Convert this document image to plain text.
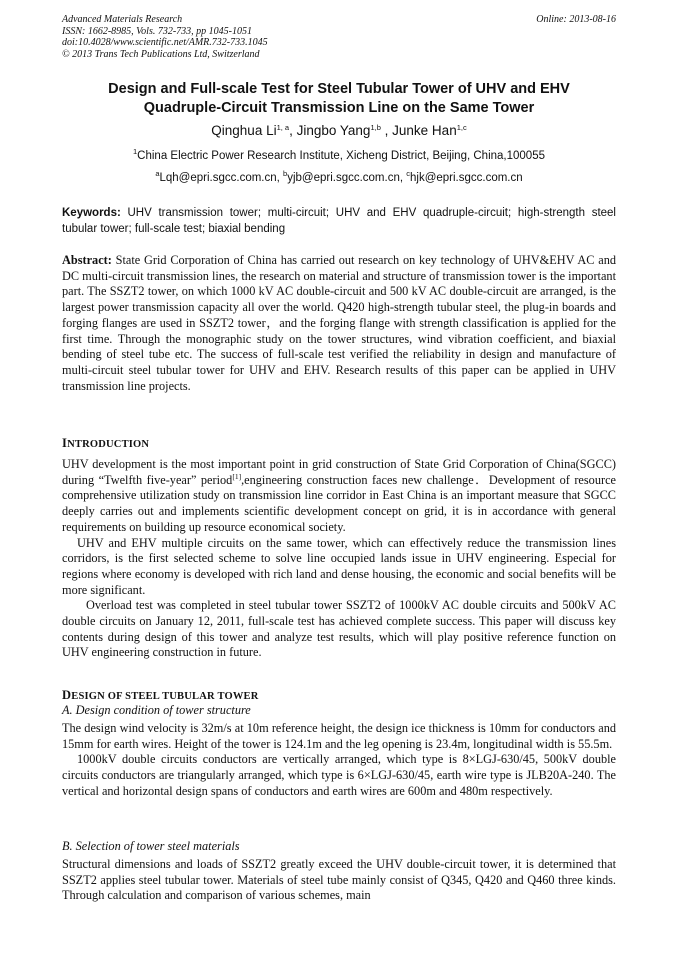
Advanced Materials Research
ISSN: 1662-8985, Vols. 732-733, pp 1045-1051
doi:10.4028/www.scientific.net/AMR.732-733.1045
© 2013 Trans Tech Publications Ltd, Switzerland
Online: 2013-08-16
Design and Full-scale Test for Steel Tubular Tower of UHV and EHV
Quadruple-Circuit Transmission Line on the Same Tower
Qinghua Li$^{1, a}$, Jingbo Yang$^{1,b}$ , Junke Han$^{1,c}$
$^1$China Electric Power Research Institute, Xicheng District, Beijing, China,100055
$^a$Lqh@epri.sgcc.com.cn, $^b$yjb@epri.sgcc.com.cn, $^c$hjk@epri.sgcc.com.cn
Keywords: UHV transmission tower; multi-circuit; UHV and EHV quadruple-circuit; high-strength steel tubular tower; full-scale test; biaxial bending
Abstract: State Grid Corporation of China has carried out research on key technology of UHV&EHV AC and DC multi-circuit transmission lines, the research on material and structure of transmission tower is the important part. The SSZT2 tower, on which 1000 kV AC double-circuit and 500 kV AC double-circuit are arranged, is the largest power transmission capacity all over the world. Q420 high-strength tubular steel, the plug-in boards and forging flanges are used in SSZT2 tower，and the forging flange with strength classification is applied for the first time. Through the monographic study on the tower structures, wind vibration coefficient, and biaxial bending of steel tube etc. The success of full-scale test verified the reliability in design and manufacture of multi-circuit steel tubular tower for UHV and EHV. Research results of this paper can be applied in UHV transmission line projects.
INTRODUCTION

UHV development is the most important point in grid construction of State Grid Corporation of China(SGCC) during “Twelfth five-year” period[1],engineering construction faces new challenge．Development of resource comprehensive utilization study on transmission line corridor in East China is an important measure that SGCC deeply carries out and implements scientific development concept on grid, it is in accordance with general requirements on building up resource economical society.

UHV and EHV multiple circuits on the same tower, which can effectively reduce the transmission lines corridors, is the first selected scheme to solve line occupied lands issue in UHV engineering. Especial for regions where economy is developed with rich land and dense housing, the economic and social benefits will be more significant.

Overload test was completed in steel tubular tower SSZT2 of 1000kV AC double circuits and 500kV AC double circuits on January 12, 2011, full-scale test has achieved complete success. This paper will discuss key contents during design of this tower and analyze test results, which will play positive reference function on UHV engineering construction in future.

DESIGN OF STEEL TUBULAR TOWER
A. Design condition of tower structure

The design wind velocity is 32m/s at 10m reference height, the design ice thickness is 10mm for conductors and 15mm for earth wires. Height of the tower is 124.1m and the leg opening is 23.4m, longitudinal width is 55.5m.

1000kV double circuits conductors are vertically arranged, which type is 8×LGJ-630/45, 500kV double circuits conductors are triangularly arranged, which type is 6×LGJ-630/45, earth wire type is JLB20A-240. The vertical and horizontal design spans of conductors and earth wires are 600m and 480m respectively.

B. Selection of tower steel materials

Structural dimensions and loads of SSZT2 greatly exceed the UHV double-circuit tower, it is determined that SSZT2 applies steel tubular tower. Materials of steel tube mainly consist of Q345, Q420 and Q460 three kinds. Through calculation and comparison of various schemes, main
